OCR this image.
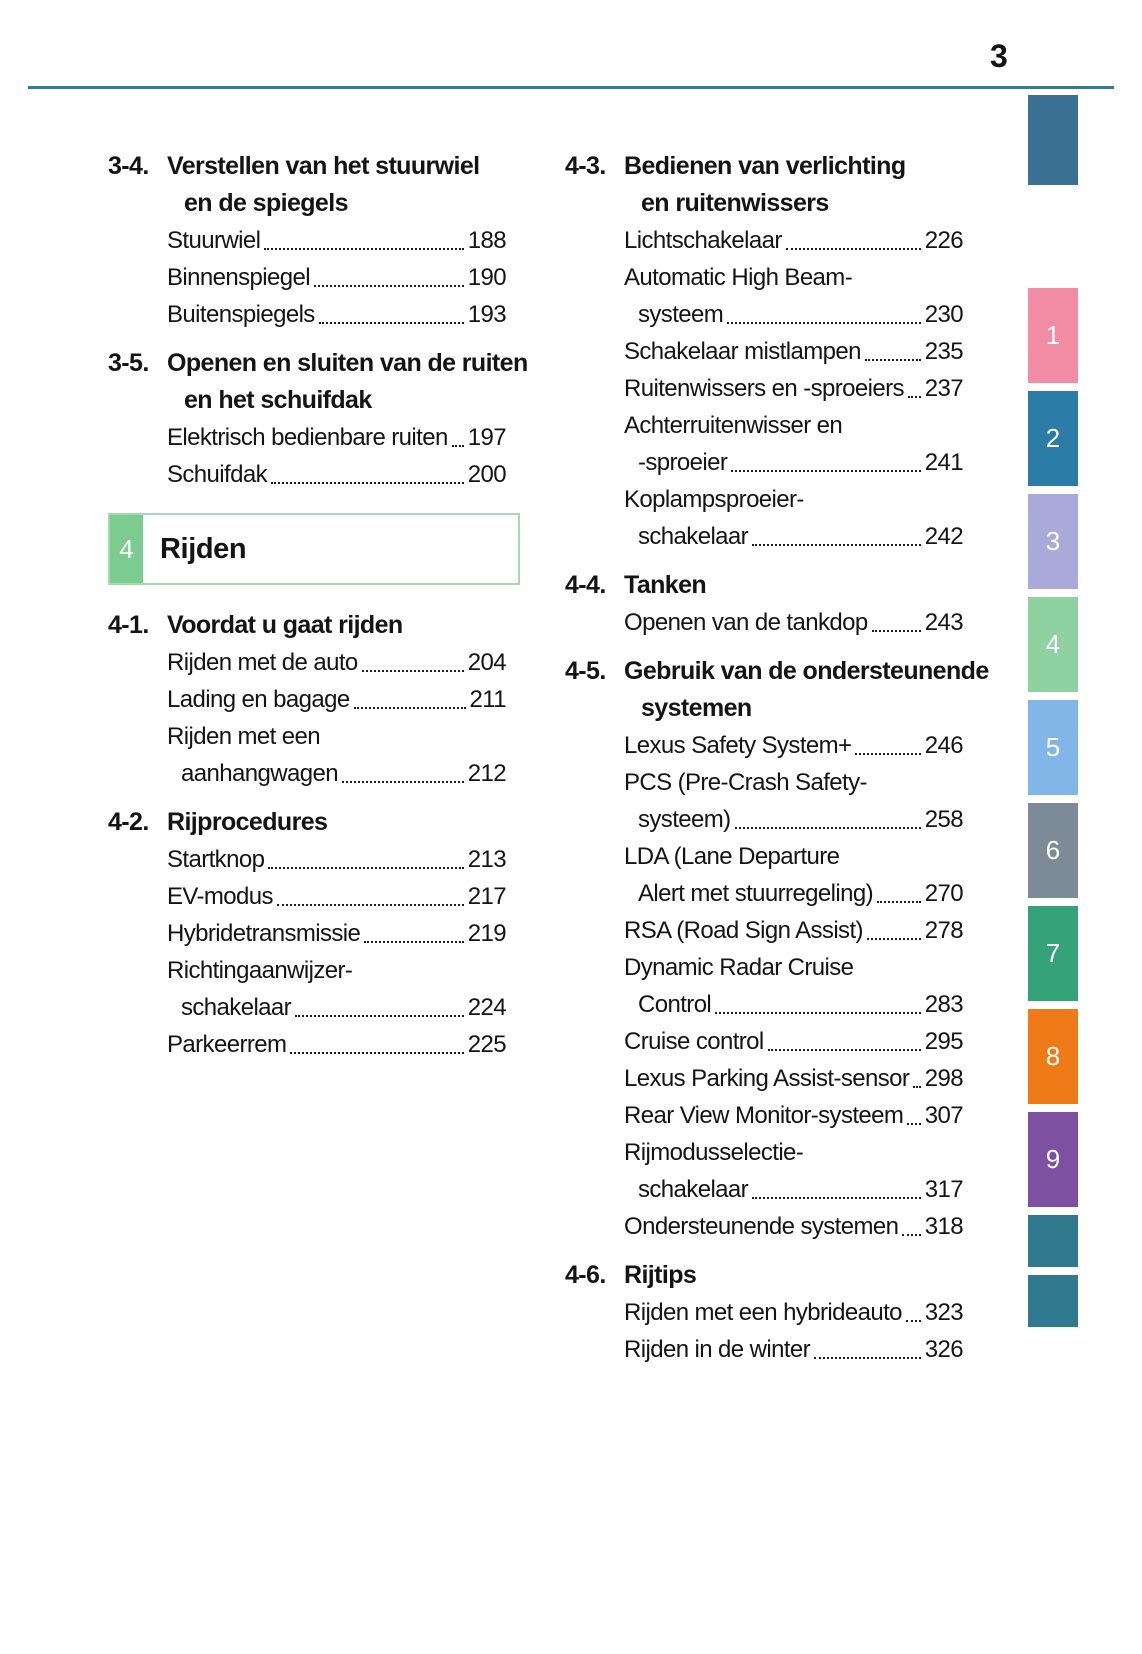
3
3-4. Verstellen van het stuurwiel
en de spiegels
Stuurwiel	188
Binnenspiegel	190
Buitenspiegels	193
3-5. Openen en sluiten van de ruiten
en het schuifdak
Elektrisch bedienbare ruiten 197
Schuifdak	200
4 Rijden
4-1. Voordat u gaat rijden
Rijden met de auto	204
Lading en bagage	211
Rijden met een
aanhangwagen	212
4-2. Rijprocedures
Startknop	213
EV-modus	217
Hybridetransmissie	219
Richtingaanwijzer-
schakelaar	224
Parkeerrem	225
4-3. Bedienen van verlichting
en ruitenwissers
Lichtschakelaar	226
Automatic High Beam-
systeem	230
Schakelaar mistlampen	235
Ruitenwissers en -sproeiers 237
Achterruitenwisser en
-sproeier	241
Koplampsproeier-
schakelaar	242
4-4. Tanken
Openen van de tankdop 243
4-5. Gebruik van de ondersteunende
systemen
Lexus Safety System+	246
PCS (Pre-Crash Safety-
systeem)	258
LDA (Lane Departure
Alert met stuurregeling) 270
RSA (Road Sign Assist)	278
Dynamic Radar Cruise
Control	283
Cruise control	295
Lexus Parking Assist-sensor 298
Rear View Monitor-systeem 307
Rijmodusselectie-
schakelaar	317
Ondersteunende systemen 318
4-6. Rijtips
Rijden met een hybrideauto 323
Rijden in de winter	326
1
2
3
4
5
6
7
8
9
